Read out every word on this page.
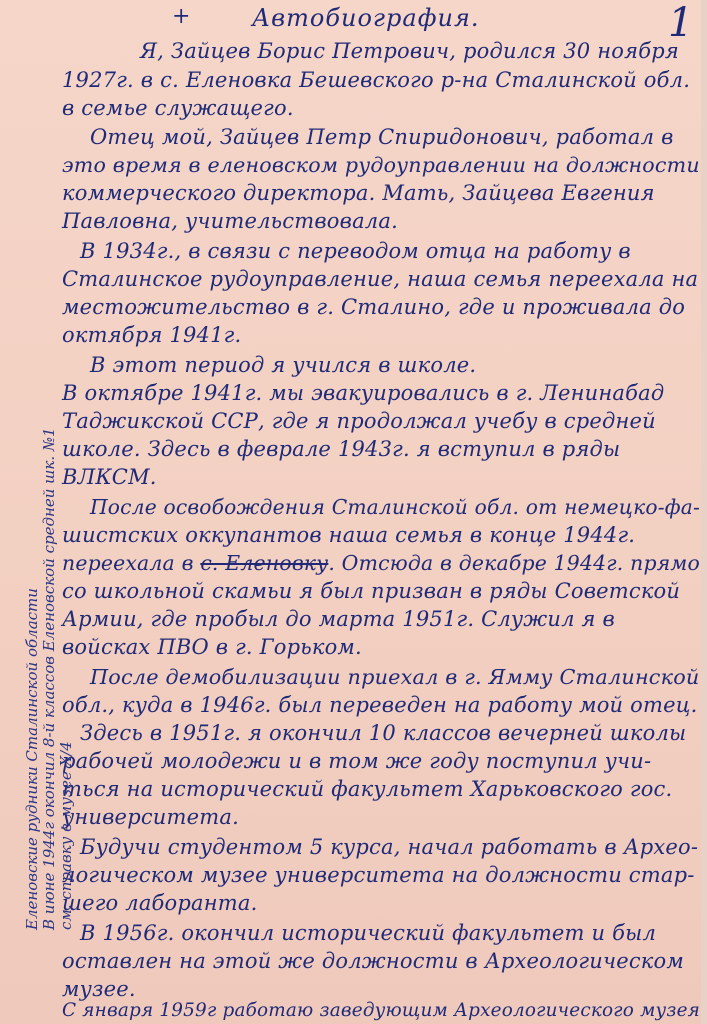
+	Автобиография.	1
Я, Зайцев Борис Петрович, родился 30 ноября
1927г. в с. Еленовка Бешевского р-на Сталинской обл.
в семье служащего.
Отец мой, Зайцев Петр Спиридонович, работал в
это время в еленовском рудоуправлении на должности
коммерческого директора. Мать, Зайцева Евгения
Павловна, учительствовала.
В 1934г., в связи с переводом отца на работу в
Сталинское рудоуправление, наша семья переехала на
местожительство в г. Сталино, где и проживала до
октября 1941г.
В этот период я учился в школе.
В октябре 1941г. мы эвакуировались в г. Ленинабад
Таджикской ССР, где я продолжал учебу в средней
школе. Здесь в феврале 1943г. я вступил в ряды
ВЛКСМ.
После освобождения Сталинской обл. от немецко-фа-
шистских оккупантов наша семья в конце 1944г.
переехала в с. Еленовку. Отсюда в декабре 1944г. прямо
со школьной скамьи я был призван в ряды Советской
Армии, где пробыл до марта 1951г. Служил я в
войсках ПВО в г. Горьком.
После демобилизации приехал в г. Ямму Сталинской
обл., куда в 1946г. был переведен на работу мой отец.
Здесь в 1951г. я окончил 10 классов вечерней школы
рабочей молодежи и в том же году поступил учи-
ться на исторический факультет Харьковского гос.
университета.
Будучи студентом 5 курса, начал работать в Архео-
логическом музее университета на должности стар-
шего лаборанта.
В 1956г. окончил исторический факультет и был
оставлен на этой же должности в Археологическом
музее.
С января 1959г работаю заведующим Археологического музея
Еленовские рудники Сталинской области В июне 1944г окончил 8-й классов Еленовской средней шк. №1 см. справку в музее Х/4
